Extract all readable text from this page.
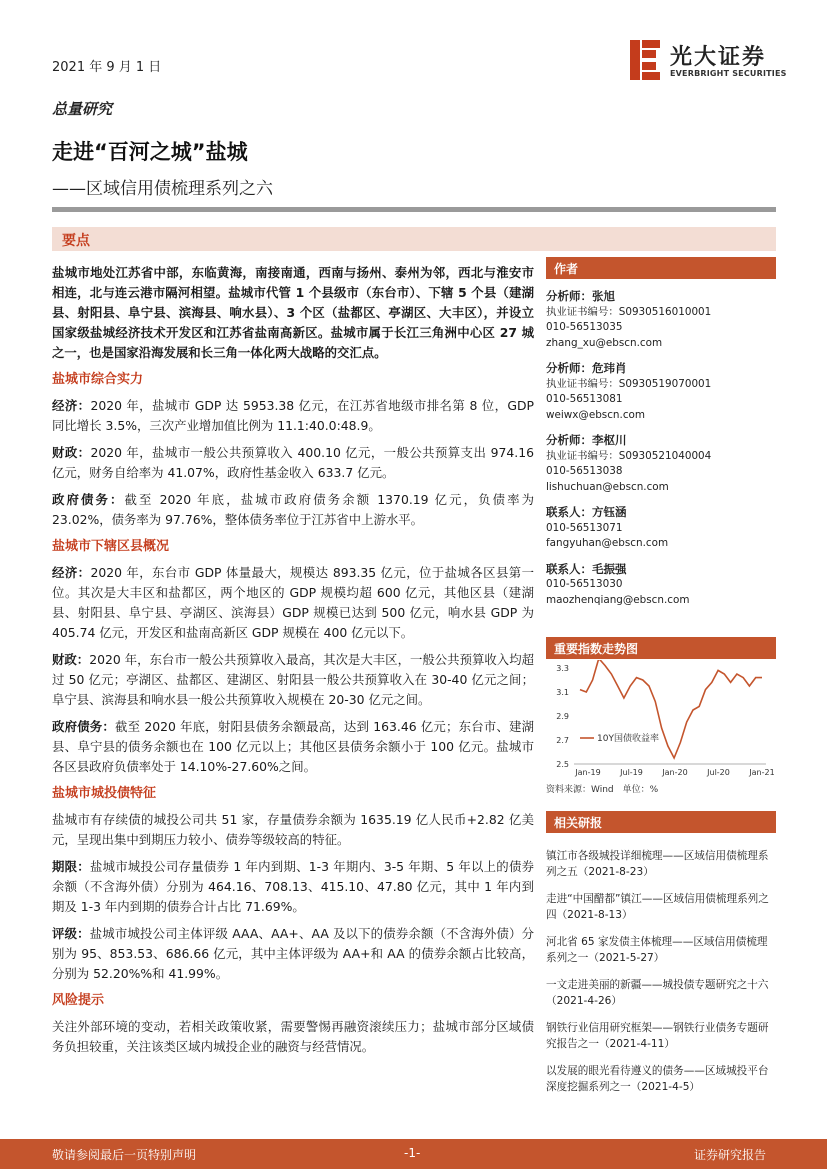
2021 年 9 月 1 日	光大证券
EVERBRIGHT SECURITIES
总量研究
走进“百河之城”盐城
——区域信用债梳理系列之六
要点

盐城市地处江苏省中部，东临黄海，南接南通，西南与扬州、泰州为邻，西北与淮安市相连，北与连云港市隔河相望。盐城市代管 1 个县级市（东台市）、下辖 5 个县（建湖县、射阳县、阜宁县、滨海县、响水县）、3 个区（盐都区、亭湖区、大丰区），并设立国家级盐城经济技术开发区和江苏省盐南高新区。盐城市属于长江三角洲中心区 27 城之一，也是国家沿海发展和长三角一体化两大战略的交汇点。

盐城市综合实力

经济：2020 年，盐城市 GDP 达 5953.38 亿元，在江苏省地级市排名第 8 位，GDP 同比增长 3.5%，三次产业增加值比例为 11.1:40.0:48.9。

财政：2020 年，盐城市一般公共预算收入 400.10 亿元，一般公共预算支出 974.16 亿元，财务自给率为 41.07%，政府性基金收入 633.7 亿元。

政府债务：截至 2020 年底，盐城市政府债务余额 1370.19 亿元，负债率为 23.02%，债务率为 97.76%，整体债务率位于江苏省中上游水平。

盐城市下辖区县概况

经济：2020 年，东台市 GDP 体量最大，规模达 893.35 亿元，位于盐城各区县第一位。其次是大丰区和盐都区，两个地区的 GDP 规模均超 600 亿元，其他区县（建湖县、射阳县、阜宁县、亭湖区、滨海县）GDP 规模已达到 500 亿元，响水县 GDP 为 405.74 亿元，开发区和盐南高新区 GDP 规模在 400 亿元以下。

财政：2020 年，东台市一般公共预算收入最高，其次是大丰区，一般公共预算收入均超过 50 亿元；亭湖区、盐都区、建湖区、射阳县一般公共预算收入在 30-40 亿元之间；阜宁县、滨海县和响水县一般公共预算收入规模在 20-30 亿元之间。

政府债务：截至 2020 年底，射阳县债务余额最高，达到 163.46 亿元；东台市、建湖县、阜宁县的债务余额也在 100 亿元以上；其他区县债务余额小于 100 亿元。盐城市各区县政府负债率处于 14.10%-27.60%之间。

盐城市城投债特征

盐城市有存续债的城投公司共 51 家，存量债券余额为 1635.19 亿人民币+2.82 亿美元，呈现出集中到期压力较小、债券等级较高的特征。

期限：盐城市城投公司存量债券 1 年内到期、1-3 年期内、3-5 年期、5 年以上的债券余额（不含海外债）分别为 464.16、708.13、415.10、47.80 亿元，其中 1 年内到期及 1-3 年内到期的债券合计占比 71.69%。

评级：盐城市城投公司主体评级 AAA、AA+、AA 及以下的债券余额（不含海外债）分别为 95、853.53、686.66 亿元，其中主体评级为 AA+和 AA 的债券余额占比较高，分别为 52.20%%和 41.99%。

风险提示

关注外部环境的变动，若相关政策收紧，需要警惕再融资滚续压力；盐城市部分区域债务负担较重，关注该类区域内城投企业的融资与经营情况。

作者
分析师：张旭
执业证书编号：S0930516010001
010-56513035
zhang_xu@ebscn.com
分析师：危玮肖
执业证书编号：S0930519070001
010-56513081
weiwx@ebscn.com
分析师：李枢川
执业证书编号：S0930521040004
010-56513038
lishuchuan@ebscn.com
联系人：方钰涵
010-56513071
fangyuhan@ebscn.com
联系人：毛振强
010-56513030
maozhenqiang@ebscn.com
重要指数走势图
2.5
2.7
2.9
3.1
3.3
Jan-19 Jul-19 Jan-20 Jul-20 Jan-21
10Y国债收益率
资料来源：Wind　单位：%
相关研报
镇江市各级城投详细梳理——区域信用债梳理系列之五（2021-8-23）
走进“中国醋都”镇江——区域信用债梳理系列之四（2021-8-13）
河北省 65 家发债主体梳理——区域信用债梳理系列之一（2021-5-27）
一文走进美丽的新疆——城投债专题研究之十六（2021-4-26）
钢铁行业信用研究框架——钢铁行业债务专题研究报告之一（2021-4-11）
以发展的眼光看待遵义的债务——区域城投平台深度挖掘系列之一（2021-4-5）
敬请参阅最后一页特别声明	-1-	证券研究报告
